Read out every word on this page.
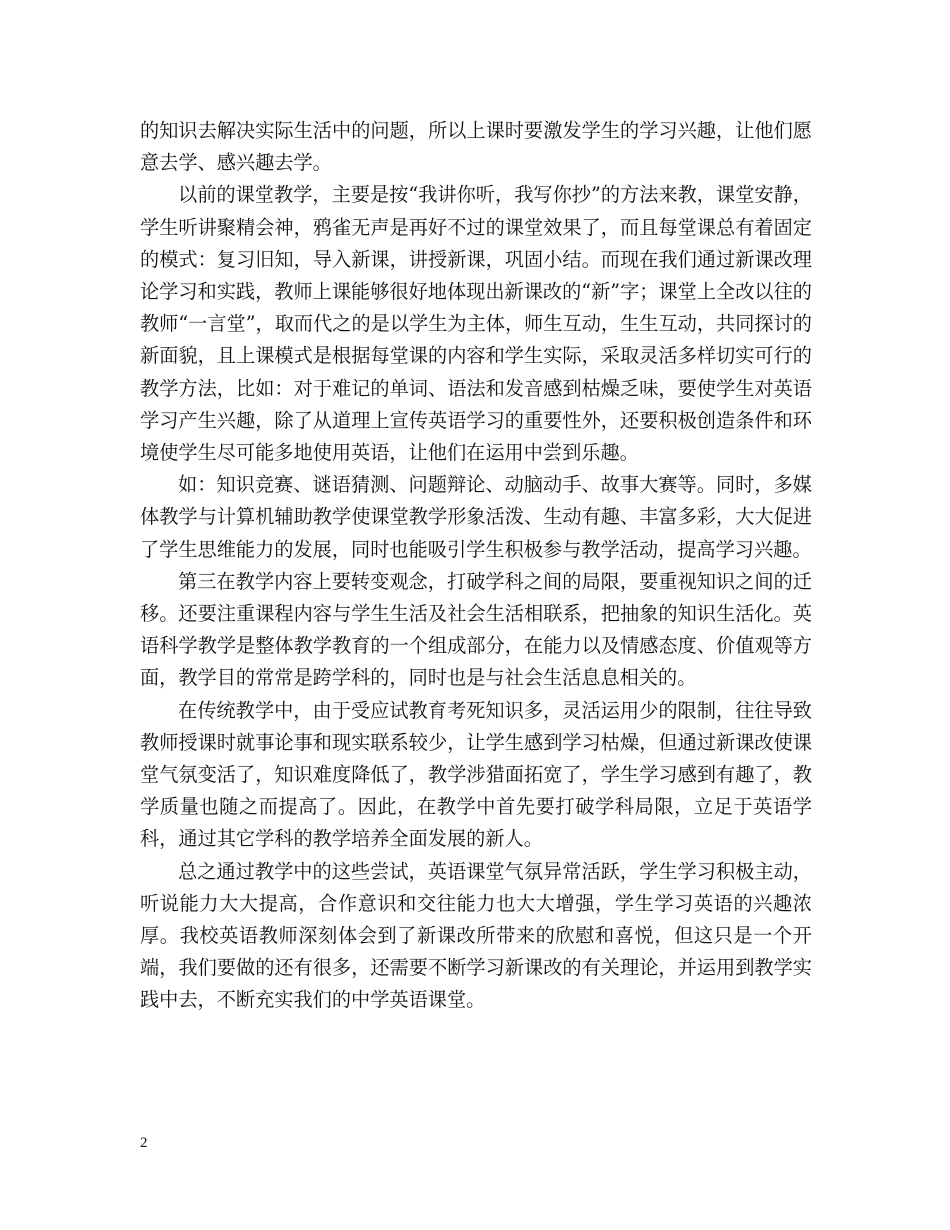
的知识去解决实际生活中的问题，所以上课时要激发学生的学习兴趣，让他们愿意去学、感兴趣去学。

以前的课堂教学，主要是按“我讲你听，我写你抄”的方法来教，课堂安静，学生听讲聚精会神，鸦雀无声是再好不过的课堂效果了，而且每堂课总有着固定的模式：复习旧知，导入新课，讲授新课，巩固小结。而现在我们通过新课改理论学习和实践，教师上课能够很好地体现出新课改的“新”字；课堂上全改以往的教师“一言堂”，取而代之的是以学生为主体，师生互动，生生互动，共同探讨的新面貌，且上课模式是根据每堂课的内容和学生实际，采取灵活多样切实可行的教学方法，比如：对于难记的单词、语法和发音感到枯燥乏味，要使学生对英语学习产生兴趣，除了从道理上宣传英语学习的重要性外，还要积极创造条件和环境使学生尽可能多地使用英语，让他们在运用中尝到乐趣。

如：知识竞赛、谜语猜测、问题辩论、动脑动手、故事大赛等。同时，多媒体教学与计算机辅助教学使课堂教学形象活泼、生动有趣、丰富多彩，大大促进了学生思维能力的发展，同时也能吸引学生积极参与教学活动，提高学习兴趣。

第三在教学内容上要转变观念，打破学科之间的局限，要重视知识之间的迁移。还要注重课程内容与学生生活及社会生活相联系，把抽象的知识生活化。英语科学教学是整体教学教育的一个组成部分，在能力以及情感态度、价值观等方面，教学目的常常是跨学科的，同时也是与社会生活息息相关的。

在传统教学中，由于受应试教育考死知识多，灵活运用少的限制，往往导致教师授课时就事论事和现实联系较少，让学生感到学习枯燥，但通过新课改使课堂气氛变活了，知识难度降低了，教学涉猎面拓宽了，学生学习感到有趣了，教学质量也随之而提高了。因此，在教学中首先要打破学科局限，立足于英语学科，通过其它学科的教学培养全面发展的新人。

总之通过教学中的这些尝试，英语课堂气氛异常活跃，学生学习积极主动，听说能力大大提高，合作意识和交往能力也大大增强，学生学习英语的兴趣浓厚。我校英语教师深刻体会到了新课改所带来的欣慰和喜悦，但这只是一个开端，我们要做的还有很多，还需要不断学习新课改的有关理论，并运用到教学实践中去，不断充实我们的中学英语课堂。

2
